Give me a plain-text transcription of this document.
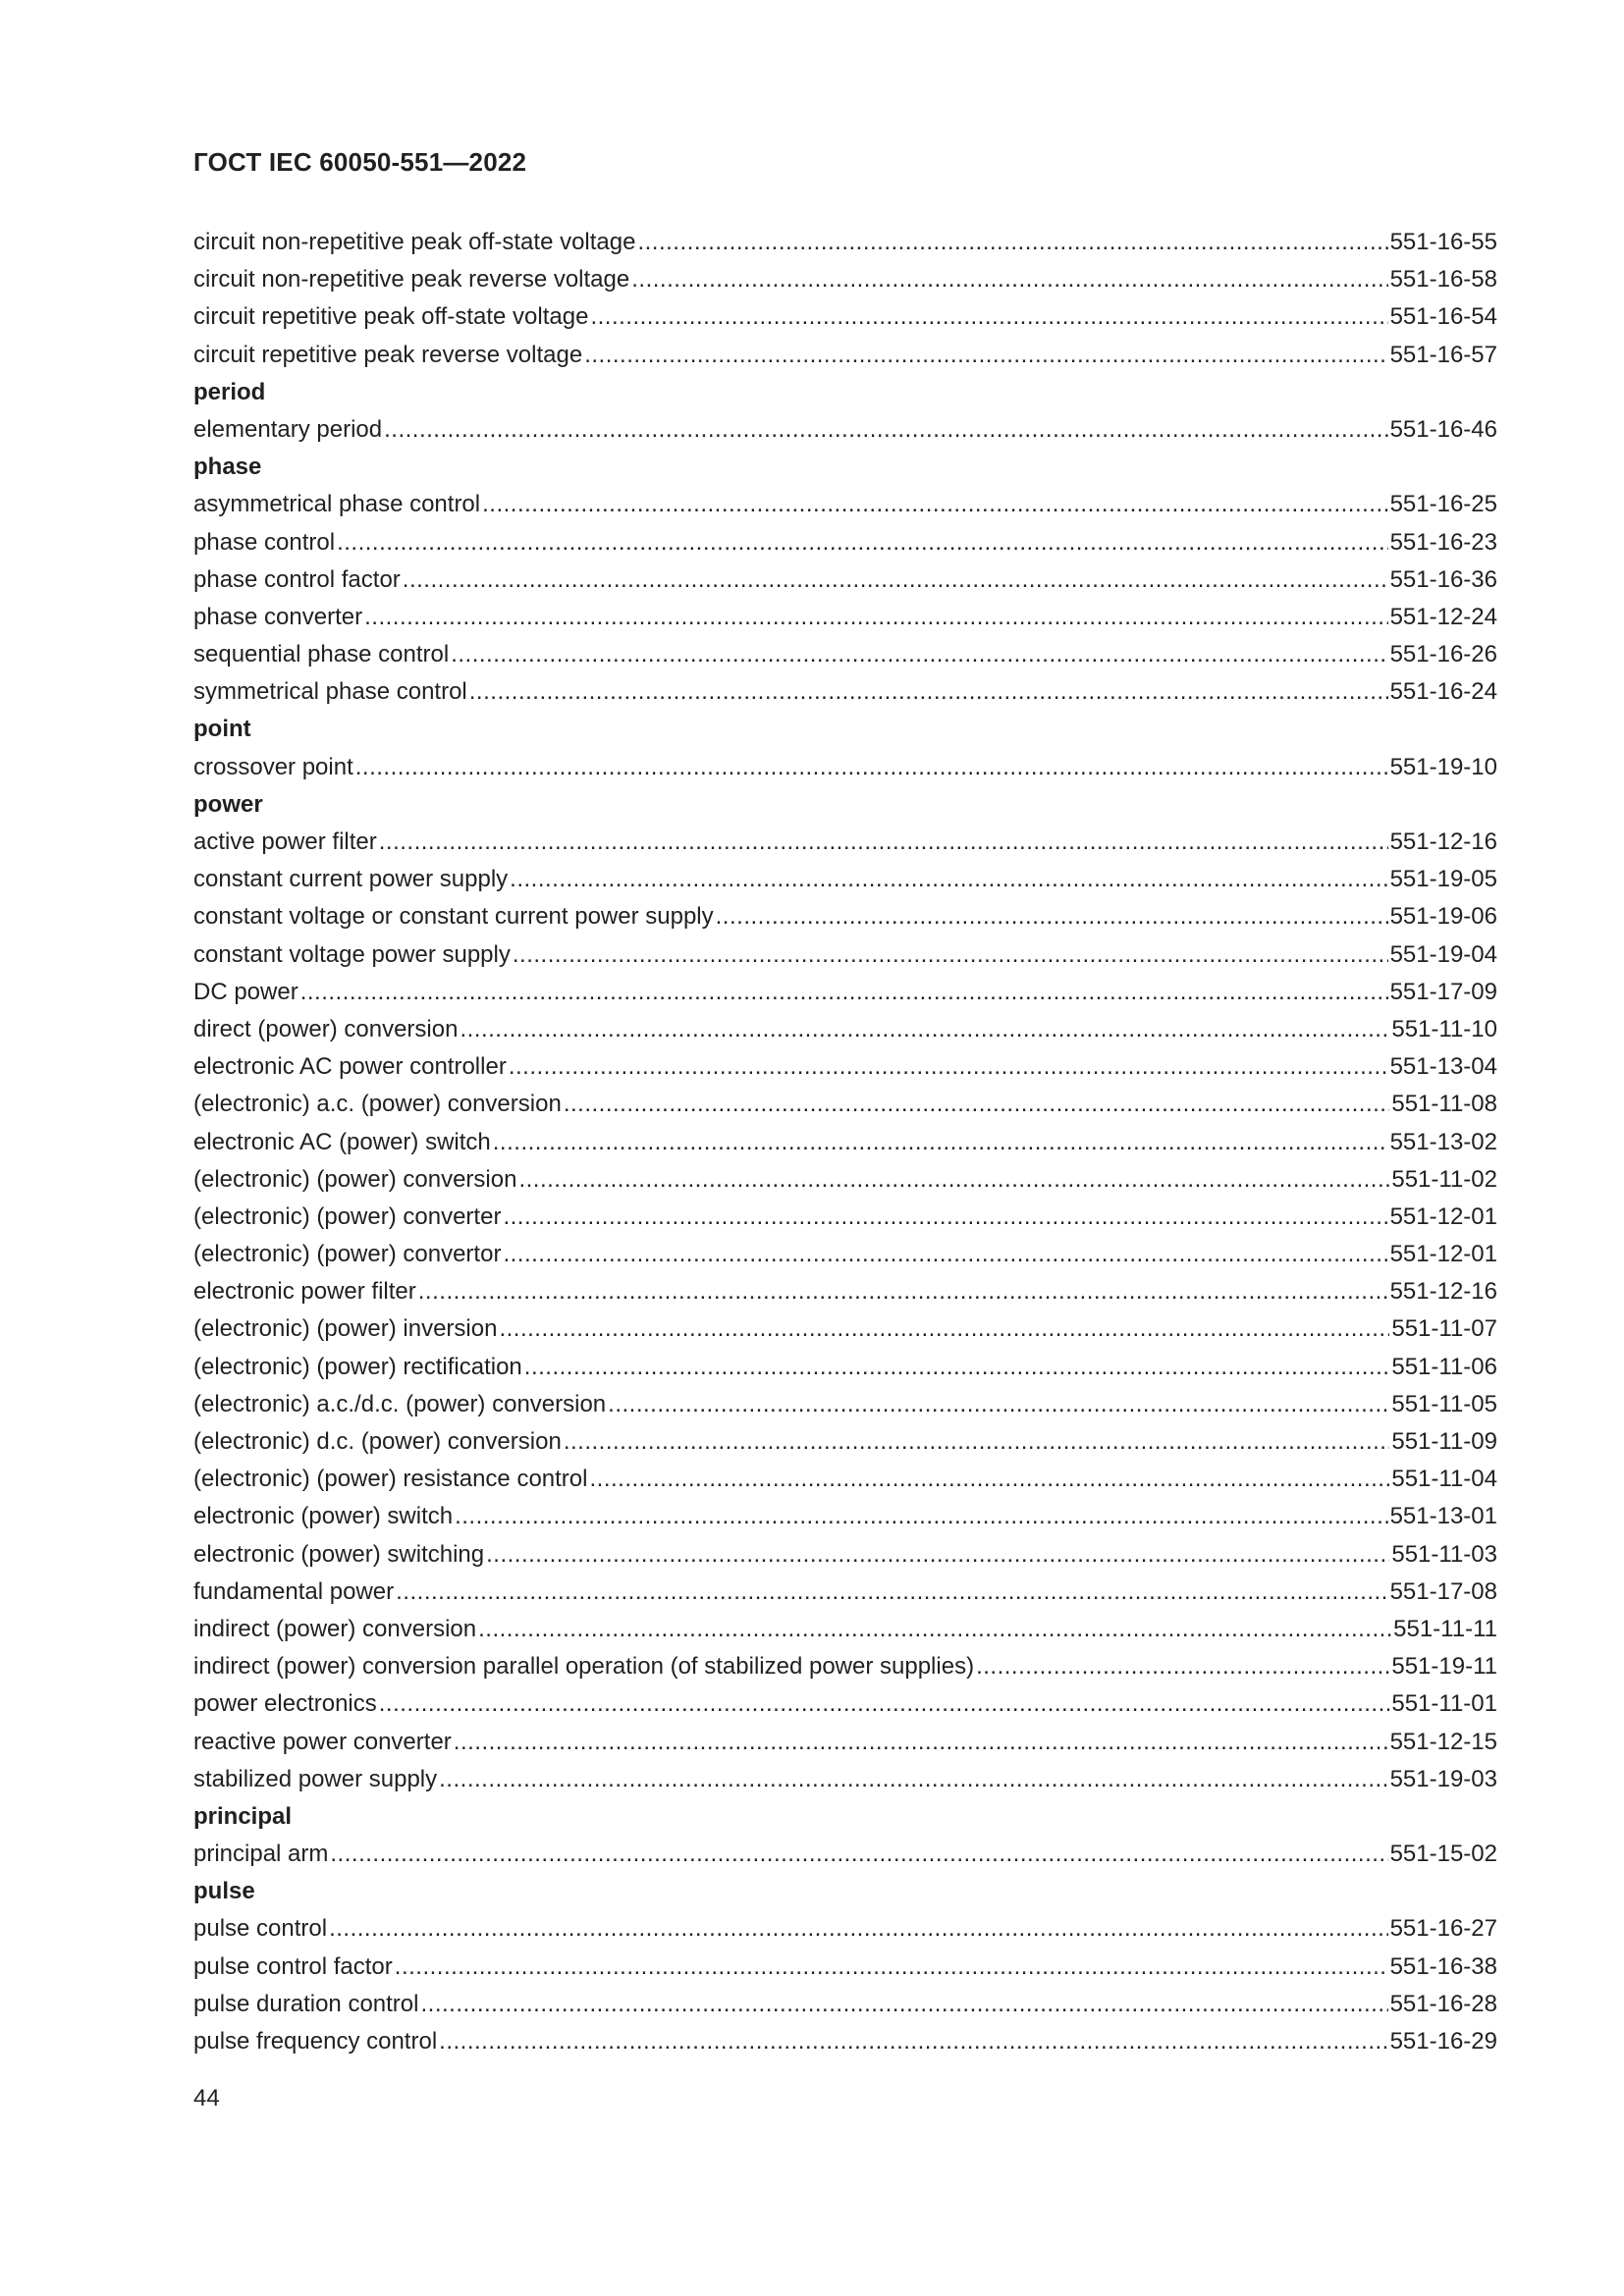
ГОСТ IEC 60050-551—2022
circuit non-repetitive peak off-state voltage .....	551-16-55
circuit non-repetitive peak reverse voltage .....	551-16-58
circuit repetitive peak off-state voltage .....	551-16-54
circuit repetitive peak reverse voltage .....	551-16-57
period
elementary period .....	551-16-46
phase
asymmetrical phase control .....	551-16-25
phase control .....	551-16-23
phase control factor .....	551-16-36
phase converter .....	551-12-24
sequential phase control .....	551-16-26
symmetrical phase control .....	551-16-24
point
crossover point .....	551-19-10
power
active power filter .....	551-12-16
constant current power supply .....	551-19-05
constant voltage or constant current power supply .....	551-19-06
constant voltage power supply .....	551-19-04
DC power .....	551-17-09
direct (power) conversion .....	551-11-10
electronic AC power controller .....	551-13-04
(electronic) a.c. (power) conversion .....	551-11-08
electronic AC (power) switch .....	551-13-02
(electronic) (power) conversion .....	551-11-02
(electronic) (power) converter .....	551-12-01
(electronic) (power) convertor .....	551-12-01
electronic power filter .....	551-12-16
(electronic) (power) inversion .....	551-11-07
(electronic) (power) rectification .....	551-11-06
(electronic) a.c./d.c. (power) conversion .....	551-11-05
(electronic) d.c. (power) conversion .....	551-11-09
(electronic) (power) resistance control .....	551-11-04
electronic (power) switch .....	551-13-01
electronic (power) switching .....	551-11-03
fundamental power .....	551-17-08
indirect (power) conversion .....	551-11-11
indirect (power) conversion parallel operation (of stabilized power supplies) .....	551-19-11
power electronics .....	551-11-01
reactive power converter .....	551-12-15
stabilized power supply .....	551-19-03
principal
principal arm .....	551-15-02
pulse
pulse control .....	551-16-27
pulse control factor .....	551-16-38
pulse duration control .....	551-16-28
pulse frequency control .....	551-16-29
44
